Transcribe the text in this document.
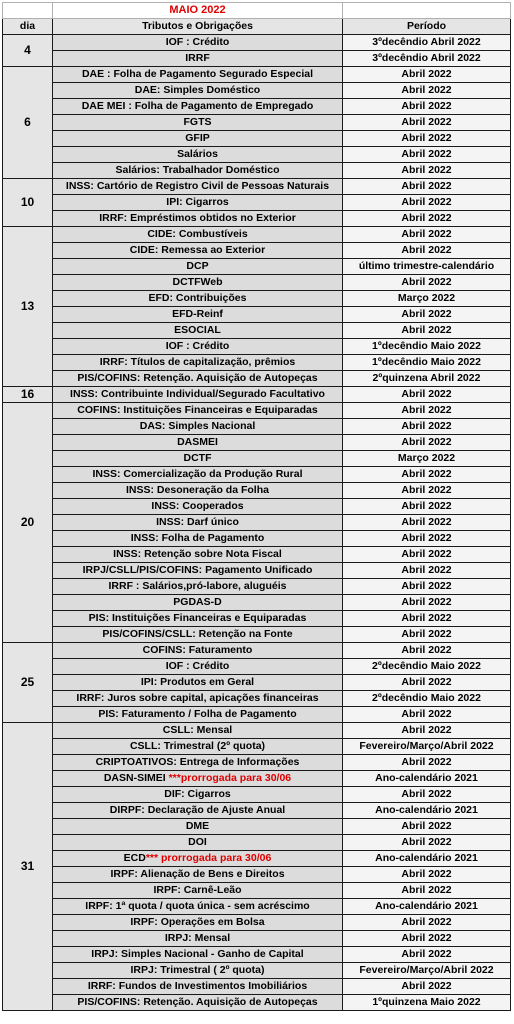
	MAIO 2022	
dia	Tributos e Obrigações	Período
4	IOF : Crédito	3ºdecêndio Abril 2022
	IRRF	3ºdecêndio Abril 2022
6	DAE : Folha de Pagamento Segurado Especial	Abril 2022
	DAE: Simples Doméstico	Abril 2022
	DAE MEI : Folha de Pagamento de Empregado	Abril 2022
	FGTS	Abril 2022
	GFIP	Abril 2022
	Salários	Abril 2022
	Salários: Trabalhador Doméstico	Abril 2022
10	INSS: Cartório de Registro Civil de Pessoas Naturais	Abril 2022
	IPI: Cigarros	Abril 2022
	IRRF: Empréstimos obtidos no Exterior	Abril 2022
13	CIDE: Combustíveis	Abril 2022
	CIDE: Remessa ao Exterior	Abril 2022
	DCP	último trimestre-calendário
	DCTFWeb	Abril 2022
	EFD: Contribuições	Março 2022
	EFD-Reinf	Abril 2022
	ESOCIAL	Abril 2022
	IOF : Crédito	1ºdecêndio Maio 2022
	IRRF: Títulos de capitalização, prêmios	1ºdecêndio Maio 2022
	PIS/COFINS: Retenção. Aquisição de Autopeças	2ºquinzena Abril 2022
16	INSS: Contribuinte Individual/Segurado Facultativo	Abril 2022
20	COFINS: Instituições Financeiras e Equiparadas	Abril 2022
	DAS: Simples Nacional	Abril 2022
	DASMEI	Abril 2022
	DCTF	Março 2022
	INSS: Comercialização da Produção Rural	Abril 2022
	INSS: Desoneração da Folha	Abril 2022
	INSS: Cooperados	Abril 2022
	INSS: Darf único	Abril 2022
	INSS: Folha de Pagamento	Abril 2022
	INSS: Retenção sobre Nota Fiscal	Abril 2022
	IRPJ/CSLL/PIS/COFINS: Pagamento Unificado	Abril 2022
	IRRF : Salários,pró-labore, aluguéis	Abril 2022
	PGDAS-D	Abril 2022
	PIS: Instituições Financeiras e Equiparadas	Abril 2022
	PIS/COFINS/CSLL: Retenção na Fonte	Abril 2022
25	COFINS: Faturamento	Abril 2022
	IOF : Crédito	2ºdecêndio Maio 2022
	IPI: Produtos em Geral	Abril 2022
	IRRF: Juros sobre capital, apicações financeiras	2ºdecêndio Maio 2022
	PIS: Faturamento / Folha de Pagamento	Abril 2022
31	CSLL: Mensal	Abril 2022
	CSLL: Trimestral (2º quota)	Fevereiro/Março/Abril 2022
	CRIPTOATIVOS: Entrega de Informações	Abril 2022
	DASN-SIMEI ***prorrogada para 30/06	Ano-calendário 2021
	DIF: Cigarros	Abril 2022
	DIRPF: Declaração de Ajuste Anual	Ano-calendário 2021
	DME	Abril 2022
	DOI	Abril 2022
	ECD*** prorrogada para 30/06	Ano-calendário 2021
	IRPF: Alienação de Bens e Direitos	Abril 2022
	IRPF: Carnê-Leão	Abril 2022
	IRPF: 1ª quota / quota única - sem acréscimo	Ano-calendário 2021
	IRPF: Operações em Bolsa	Abril 2022
	IRPJ: Mensal	Abril 2022
	IRPJ: Simples Nacional - Ganho de Capital	Abril 2022
	IRPJ: Trimestral ( 2º quota)	Fevereiro/Março/Abril 2022
	IRRF: Fundos de Investimentos Imobiliários	Abril 2022
	PIS/COFINS: Retenção. Aquisição de Autopeças	1ºquinzena Maio 2022
